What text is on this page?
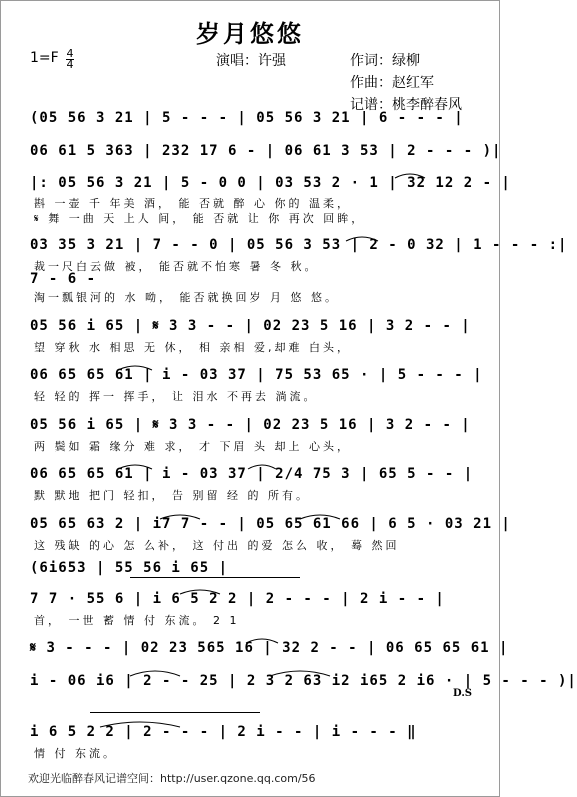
岁月悠悠
1=F 4
4	演唱：许强	作词：绿柳
作曲：赵红军
记谱：桃李醉春风
(05 56 3 21 | 5 - - - | 05 56 3 21 | 6 - - - |
06 61 5 363 | 232 17 6 - | 06 61 3 53 | 2 - - - )|
|: 05 56 3 21 | 5 - 0 0 | 03 53 2 · 1 | 32 12 2 - |
斟 一壶 千 年美 酒， 能 否就 醉 心 你的 温柔，
𝄋 舞 一曲 天 上人 间， 能 否就 让 你 再次 回眸，
03 35 3 21 | 7 - - 0 | 05 56 3 53 | 2 - 0 32 | 1 - - - :|
裁一尺白云做 被， 能否就不怕寒 暑 冬 秋。
7 - 6 -
淘一瓢银河的 水 呦， 能否就换回岁 月 悠 悠。
05 56 i 65 | 𝄋 3 3 - - | 02 23 5 16 | 3 2 - - |
望 穿秋 水 相思 无 休， 相 亲相 爱,却难 白头，
06 65 65 61 | i - 03 37 | 75 53 65 · | 5 - - - |
轻 轻的 挥一 挥手， 让 泪水 不再去 淌流。
05 56 i 65 | 𝄋 3 3 - - | 02 23 5 16 | 3 2 - - |
两 鬓如 霜 缘分 难 求， 才 下眉 头 却上 心头，
06 65 65 61 | i - 03 37 | 2/4 75 3 | 65 5 - - |
默 默地 把门 轻扣， 告 别留 经 的 所有。
05 65 63 2 | i7 7 - - | 05 65 61 66 | 6 5 · 03 21 |
这 残缺 的心 怎 么补， 这 付出 的爱 怎么 收， 蓦 然回
(6i653 | 55 56 i 65 |
7 7 · 55 6 | i 6 5 2 2 | 2 - - - | 2 i - - |
首， 一世 蓄 情 付 东流。 2 1
𝄋 3 - - - | 02 23 565 16 | 32 2 - - | 06 65 65 61 |
i - 06 i6 | 2 - - 25 | 2 3 2 63 i2 i65 2 i6 · | 5 - - - )|
i 6 5 2 2 | 2 - - - | 2 i - - | i - - - ‖
情 付 东流。
D.S
欢迎光临醉春风记谱空间：http://user.qzone.qq.com/56
